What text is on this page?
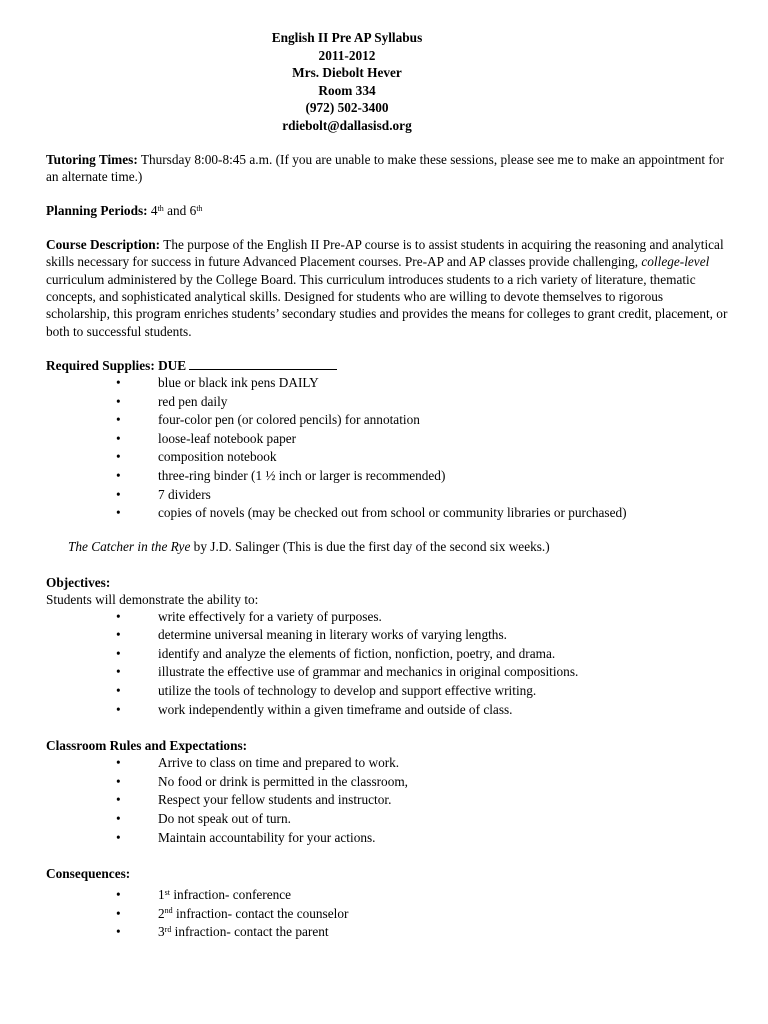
English II Pre AP Syllabus
2011-2012
Mrs. Diebolt Hever
Room 334
(972) 502-3400
rdiebolt@dallasisd.org

Tutoring Times: Thursday 8:00-8:45 a.m. (If you are unable to make these sessions, please see me to make an appointment for an alternate time.)

Planning Periods: 4th and 6th

Course Description: The purpose of the English II Pre-AP course is to assist students in acquiring the reasoning and analytical skills necessary for success in future Advanced Placement courses. Pre-AP and AP classes provide challenging, college-level curriculum administered by the College Board. This curriculum introduces students to a rich variety of literature, thematic concepts, and sophisticated analytical skills. Designed for students who are willing to devote themselves to rigorous scholarship, this program enriches students’ secondary studies and provides the means for colleges to grant credit, placement, or both to successful students.

Required Supplies: DUE

•	blue or black ink pens DAILY
•	red pen daily
•	four-color pen (or colored pencils) for annotation
•	loose-leaf notebook paper
•	composition notebook
•	three-ring binder (1 ½ inch or larger is recommended)
•	7 dividers
•	copies of novels (may be checked out from school or community libraries or purchased)

The Catcher in the Rye by J.D. Salinger (This is due the first day of the second six weeks.)

Objectives:

Students will demonstrate the ability to:

•	write effectively for a variety of purposes.
•	determine universal meaning in literary works of varying lengths.
•	identify and analyze the elements of fiction, nonfiction, poetry, and drama.
•	illustrate the effective use of grammar and mechanics in original compositions.
•	utilize the tools of technology to develop and support effective writing.
•	work independently within a given timeframe and outside of class.

Classroom Rules and Expectations:

•	Arrive to class on time and prepared to work.
•	No food or drink is permitted in the classroom,
•	Respect your fellow students and instructor.
•	Do not speak out of turn.
•	Maintain accountability for your actions.

Consequences:

•	1st infraction- conference
•	2nd infraction- contact the counselor
•	3rd infraction- contact the parent
